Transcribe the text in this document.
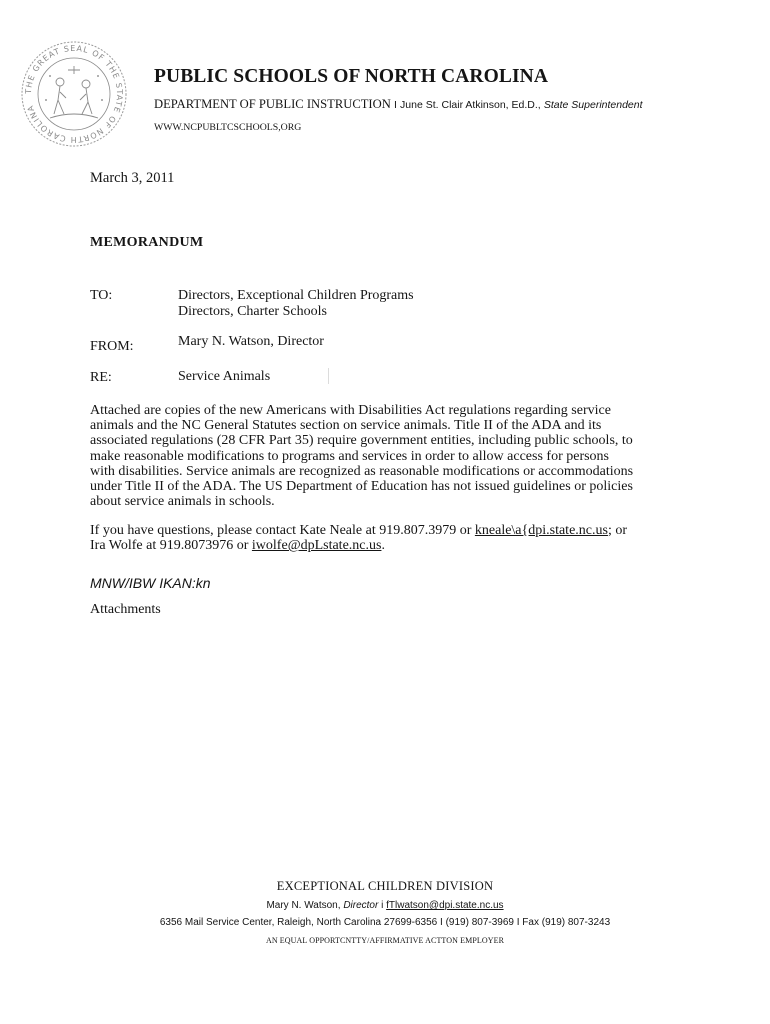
THE GREAT SEAL OF THE STATE OF NORTH CAROLINA
PUBLIC SCHOOLS OF NORTH CAROLINA
DEPARTMENT OF PUBLIC INSTRUCTION I June St. Clair Atkinson, Ed.D., State Superintendent
WWW.NCPUBLTCSCHOOLS,ORG
March 3, 2011
MEMORANDUM
TO:	Directors, Exceptional Children Programs
Directors, Charter Schools
FROM:	Mary N. Watson, Director
RE:	Service Animals
Attached are copies of the new Americans with Disabilities Act regulations regarding service
animals and the NC General Statutes section on service animals. Title II of the ADA and its
associated regulations (28 CFR Part 35) require government entities, including public schools, to
make reasonable modifications to programs and services in order to allow access for persons
with disabilities. Service animals are recognized as reasonable modifications or accommodations
under Title II of the ADA. The US Department of Education has not issued guidelines or policies
about service animals in schools.
If you have questions, please contact Kate Neale at 919.807.3979 or kneale\a{dpi.state.nc.us; or
Ira Wolfe at 919.8073976 or iwolfe@dpLstate.nc.us.
MNW/IBW IKAN:kn
Attachments
EXCEPTIONAL CHILDREN DIVISION
Mary N. Watson, Director i fTlwatson@dpi.state.nc.us
6356 Mail Service Center, Raleigh, North Carolina 27699-6356 I (919) 807-3969 I Fax (919) 807-3243
AN EQUAL OPPORTCNTTY/AFFIRMATIVE ACTTON EMPLOYER
